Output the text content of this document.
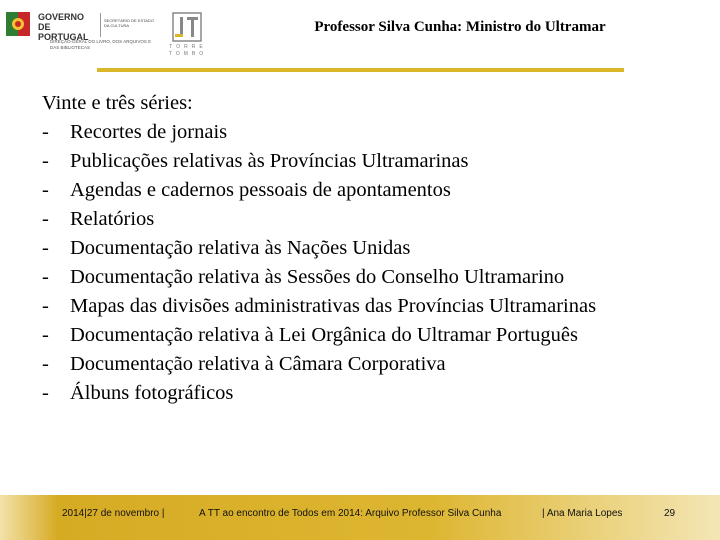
GOVERNO DE
PORTUGAL
SECRETÁRIO DE ESTADO DA CULTURA
DIREÇÃO-GERAL DO LIVRO, DOS ARQUIVOS E DAS BIBLIOTECAS	TORRE
TOMBO
Professor Silva Cunha: Ministro do Ultramar
Vinte e três séries:
-	Recortes de jornais
-	Publicações relativas às Províncias Ultramarinas
-	Agendas e cadernos pessoais de apontamentos
-	Relatórios
-	Documentação relativa às Nações Unidas
-	Documentação relativa às Sessões do Conselho Ultramarino
-	Mapas das divisões administrativas das Províncias Ultramarinas
-	Documentação relativa à Lei Orgânica do Ultramar Português
-	Documentação relativa à Câmara Corporativa
-	Álbuns fotográficos
2014|27 de novembro |	A TT ao encontro de Todos em 2014: Arquivo Professor Silva Cunha	| Ana Maria Lopes	29
